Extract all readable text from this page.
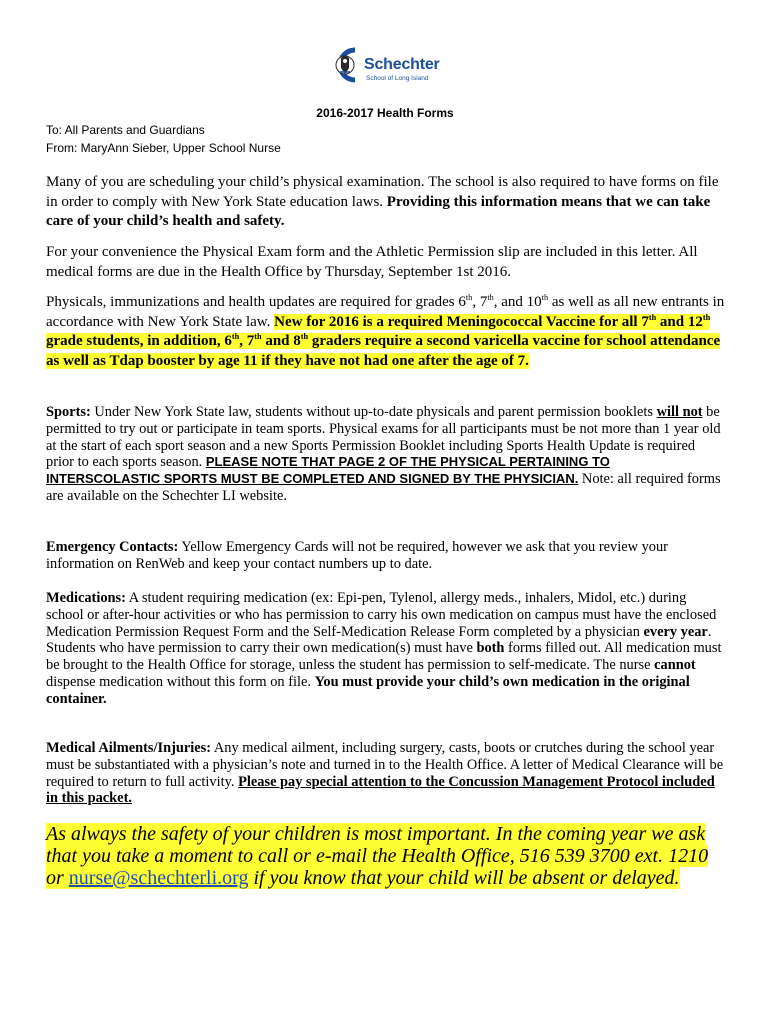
Schechter
School of Long Island
2016-2017 Health Forms
To: All Parents and Guardians
From: MaryAnn Sieber, Upper School Nurse

Many of you are scheduling your child’s physical examination. The school is also required to have forms on file in order to comply with New York State education laws. Providing this information means that we can take care of your child’s health and safety.

For your convenience the Physical Exam form and the Athletic Permission slip are included in this letter. All medical forms are due in the Health Office by Thursday, September 1st 2016.

Physicals, immunizations and health updates are required for grades 6th, 7th, and 10th as well as all new entrants in accordance with New York State law. New for 2016 is a required Meningococcal Vaccine for all 7th and 12th grade students, in addition, 6th, 7th and 8th graders require a second varicella vaccine for school attendance as well as Tdap booster by age 11 if they have not had one after the age of 7.

Sports: Under New York State law, students without up-to-date physicals and parent permission booklets will not be permitted to try out or participate in team sports. Physical exams for all participants must be not more than 1 year old at the start of each sport season and a new Sports Permission Booklet including Sports Health Update is required prior to each sports season. PLEASE NOTE THAT PAGE 2 OF THE PHYSICAL PERTAINING TO INTERSCOLASTIC SPORTS MUST BE COMPLETED AND SIGNED BY THE PHYSICIAN. Note: all required forms are available on the Schechter LI website.

Emergency Contacts: Yellow Emergency Cards will not be required, however we ask that you review your information on RenWeb and keep your contact numbers up to date.

Medications: A student requiring medication (ex: Epi-pen, Tylenol, allergy meds., inhalers, Midol, etc.) during school or after-hour activities or who has permission to carry his own medication on campus must have the enclosed Medication Permission Request Form and the Self-Medication Release Form completed by a physician every year. Students who have permission to carry their own medication(s) must have both forms filled out. All medication must be brought to the Health Office for storage, unless the student has permission to self-medicate. The nurse cannot dispense medication without this form on file. You must provide your child’s own medication in the original container.

Medical Ailments/Injuries: Any medical ailment, including surgery, casts, boots or crutches during the school year must be substantiated with a physician’s note and turned in to the Health Office. A letter of Medical Clearance will be required to return to full activity. Please pay special attention to the Concussion Management Protocol included in this packet.

As always the safety of your children is most important. In the coming year we ask that you take a moment to call or e-mail the Health Office, 516 539 3700 ext. 1210 or nurse@schechterli.org if you know that your child will be absent or delayed.
